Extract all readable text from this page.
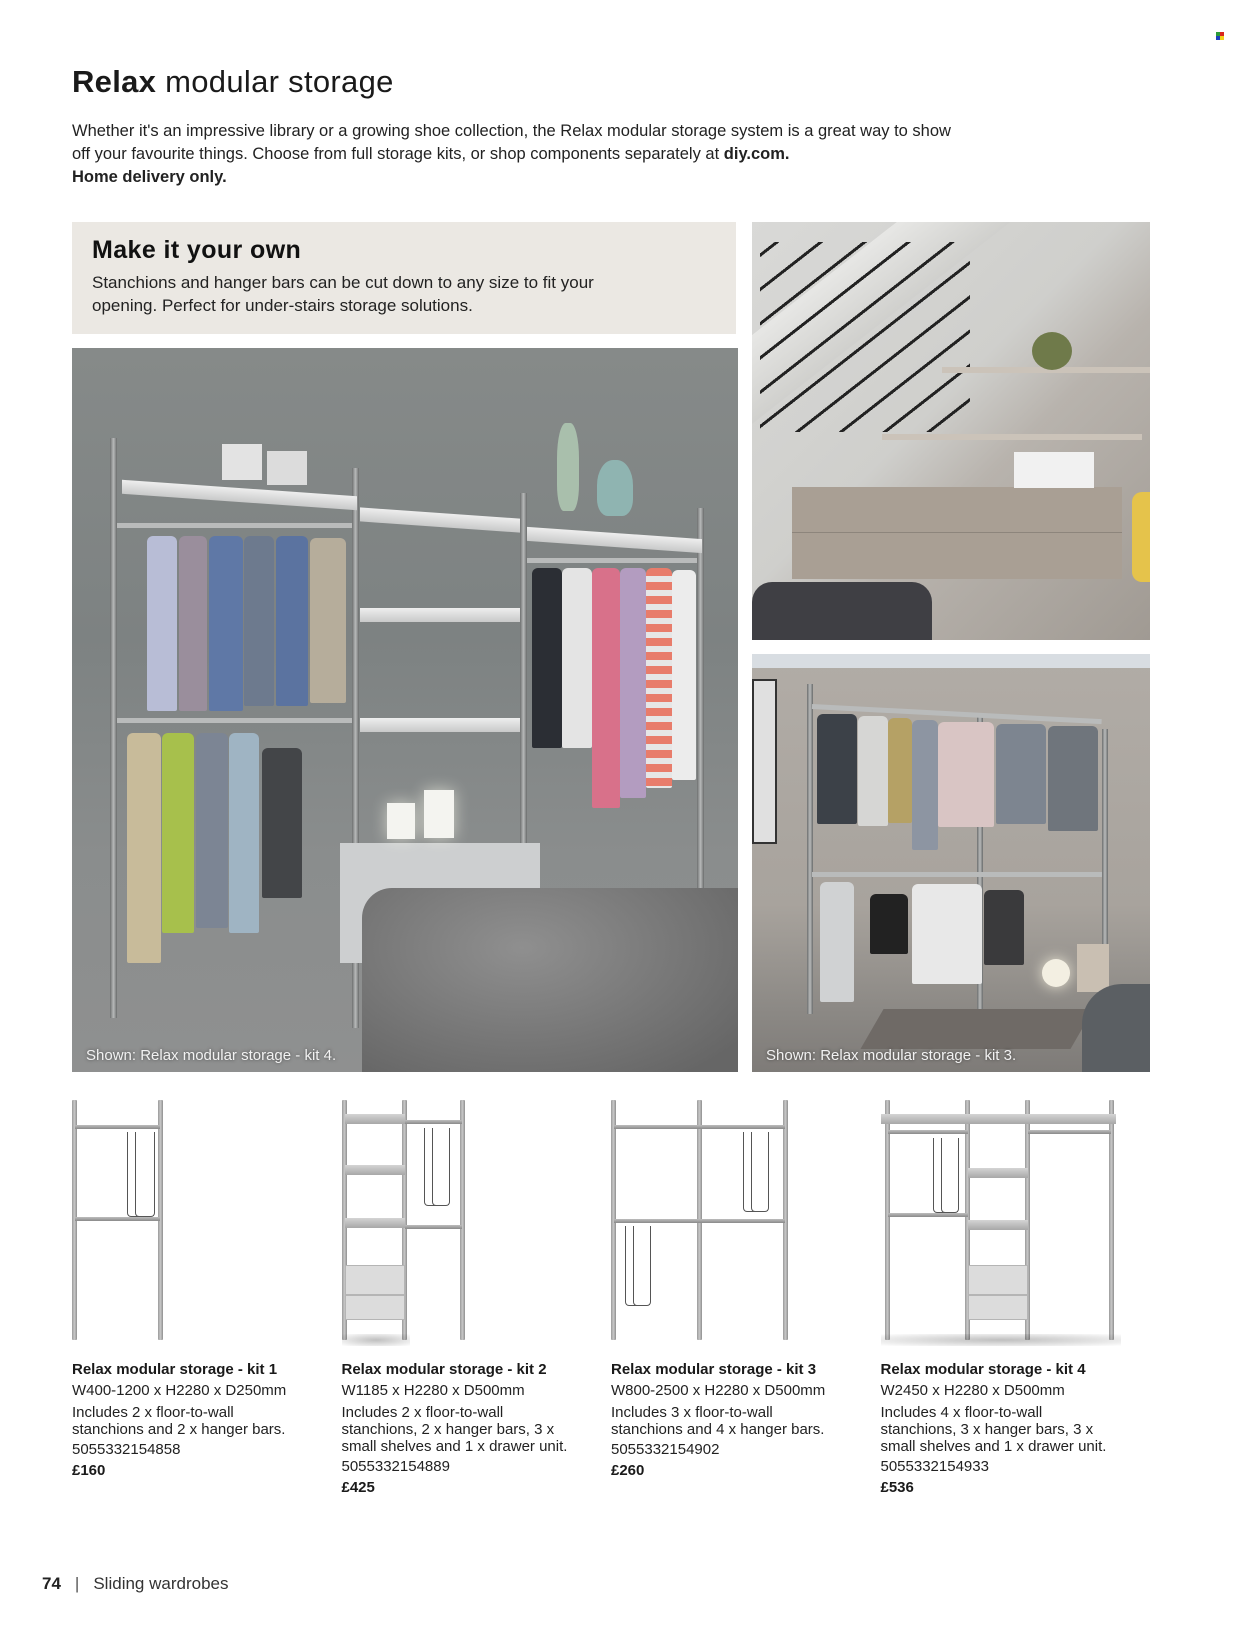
Relax modular storage
Whether it's an impressive library or a growing shoe collection, the Relax modular storage system is a great way to show
off your favourite things. Choose from full storage kits, or shop components separately at diy.com.
Home delivery only.
Make it your own

Stanchions and hanger bars can be cut down to any size to fit your opening. Perfect for under-stairs storage solutions.

Shown: Relax modular storage - kit 4.	Shown: Relax modular storage - kit 3.
Relax modular storage - kit 1
W400-1200 x H2280 x D250mm
Includes 2 x floor-to-wall stanchions and 2 x hanger bars.
5055332154858
£160
Relax modular storage - kit 2
W1185 x H2280 x D500mm
Includes 2 x floor-to-wall stanchions, 2 x hanger bars, 3 x small shelves and 1 x drawer unit.
5055332154889
£425
Relax modular storage - kit 3
W800-2500 x H2280 x D500mm
Includes 3 x floor-to-wall stanchions and 4 x hanger bars.
5055332154902
£260
Relax modular storage - kit 4
W2450 x H2280 x D500mm
Includes 4 x floor-to-wall stanchions, 3 x hanger bars, 3 x small shelves and 1 x drawer unit.
5055332154933
£536
74 | Sliding wardrobes
